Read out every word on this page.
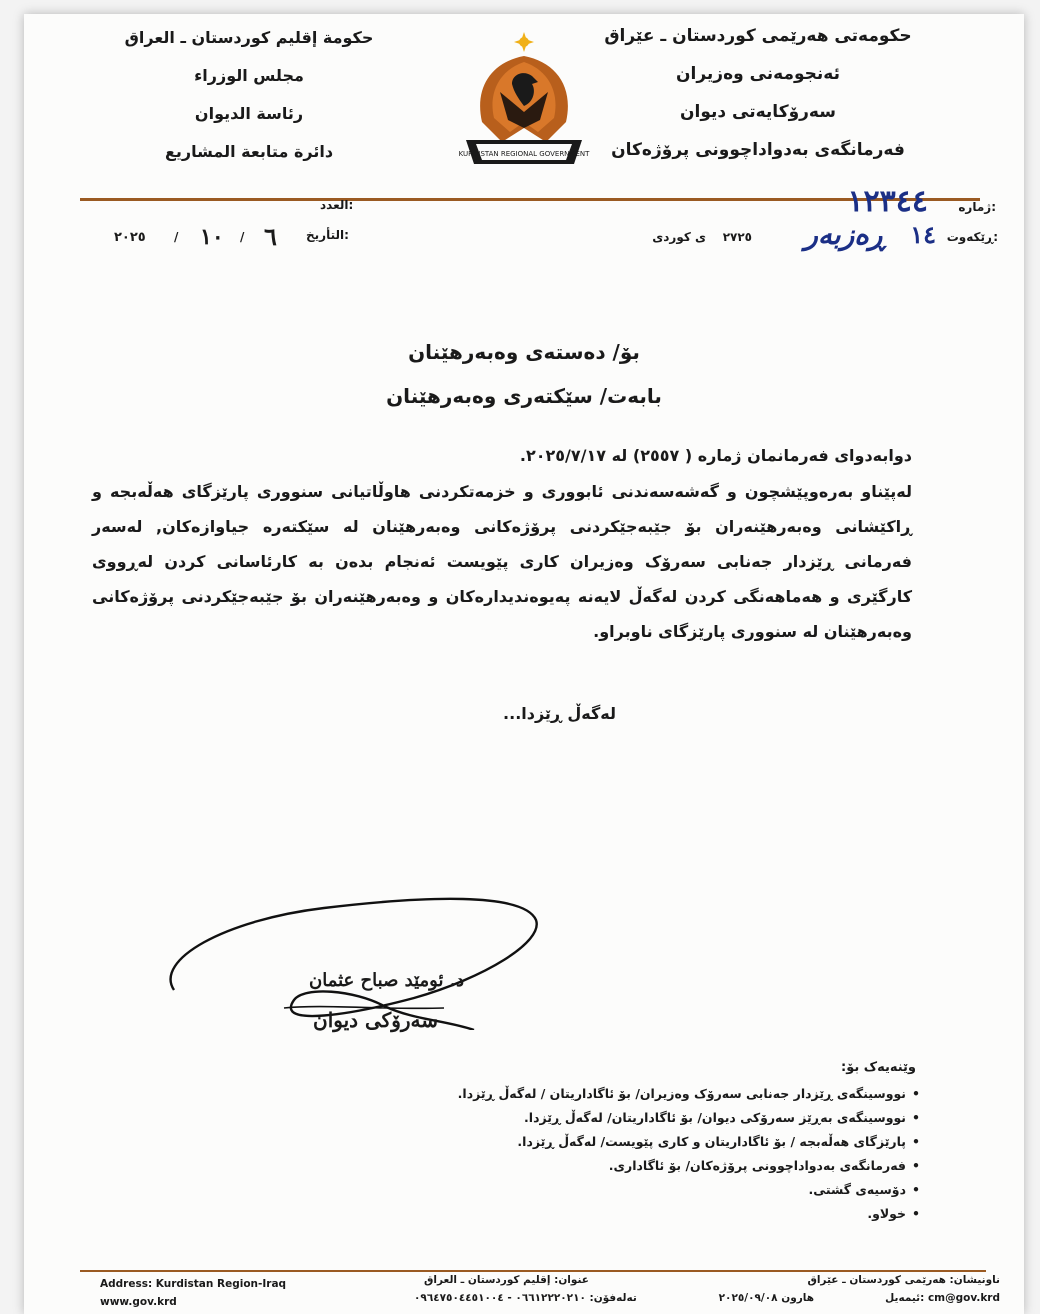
حکومەتی هەرێمی کوردستان ـ عێراق
ئەنجومەنی وەزیران
سەرۆکایەتی دیوان
فەرمانگەی بەدواداچوونی پرۆژەکان
حكومة إقليم كوردستان ـ العراق
مجلس الوزراء
رئاسة الديوان
دائرة متابعة المشاريع	KURDISTAN REGIONAL GOVERNMENT
ژمارە:
١٢٣٤٤
العدد:
ڕێکەوت:
١٤
ڕەزبەر
٢٧٢٥
ی کوردی
التأريخ:
٢٠٢٥ / ١٠ / ٦
بۆ/ دەستەی وەبەرهێنان
بابەت/ سێکتەری وەبەرهێنان
دوابەدوای فەرمانمان ژمارە ( ٢٥٥٧) لە ٢٠٢٥/٧/١٧.
لەپێناو بەرەوپێشچون و گەشەسەندنی ئابووری و خزمەتکردنی هاوڵاتیانی سنووری پارێزگای هەڵەبجە و ڕاکێشانی وەبەرهێنەران بۆ جێبەجێکردنی پرۆژەکانی وەبەرهێنان لە سێکتەرە جیاوازەکان, لەسەر فەرمانی ڕێزدار جەنابی سەرۆک وەزیران کاری پێویست ئەنجام بدەن بە کارئاسانی کردن لەڕووی کارگێری و هەماهەنگی کردن لەگەڵ لایەنە پەیوەندیدارەکان و وەبەرهێنەران بۆ جێبەجێکردنی پرۆژەکانی وەبەرهێنان لە سنووری پارێزگای ناوبراو.
لەگەڵ ڕێزدا...
د. ئومێد صباح عثمان
سەرۆکی دیوان
وێنەیەک بۆ:
• نووسینگەی ڕێزدار جەنابی سەرۆک وەزیران/ بۆ ئاگاداریتان / لەگەڵ ڕێزدا.
• نووسینگەی بەڕێز سەرۆکی دیوان/ بۆ ئاگاداریتان/ لەگەڵ ڕێزدا.
• پارێزگای هەڵەبجە / بۆ ئاگاداریتان و کاری پێویست/ لەگەڵ ڕێزدا.
• فەرمانگەی بەدواداچوونی پرۆژەکان/ بۆ ئاگاداری.
• دۆسیەی گشتی.
• خولاو.
ناونیشان: هەرێمی کوردستان ـ عێراق
ئیمەیل: cm@gov.krd
هارون ٢٠٢٥/٠٩/٠٨
عنوان: إقليم كوردستان ـ العراق
تەلەفۆن: ٠٦٦١٢٢٢٠٢١٠ - ٠٩٦٤٧٥٠٤٤٥١٠٠٤
Address: Kurdistan Region-Iraq
www.gov.krd
